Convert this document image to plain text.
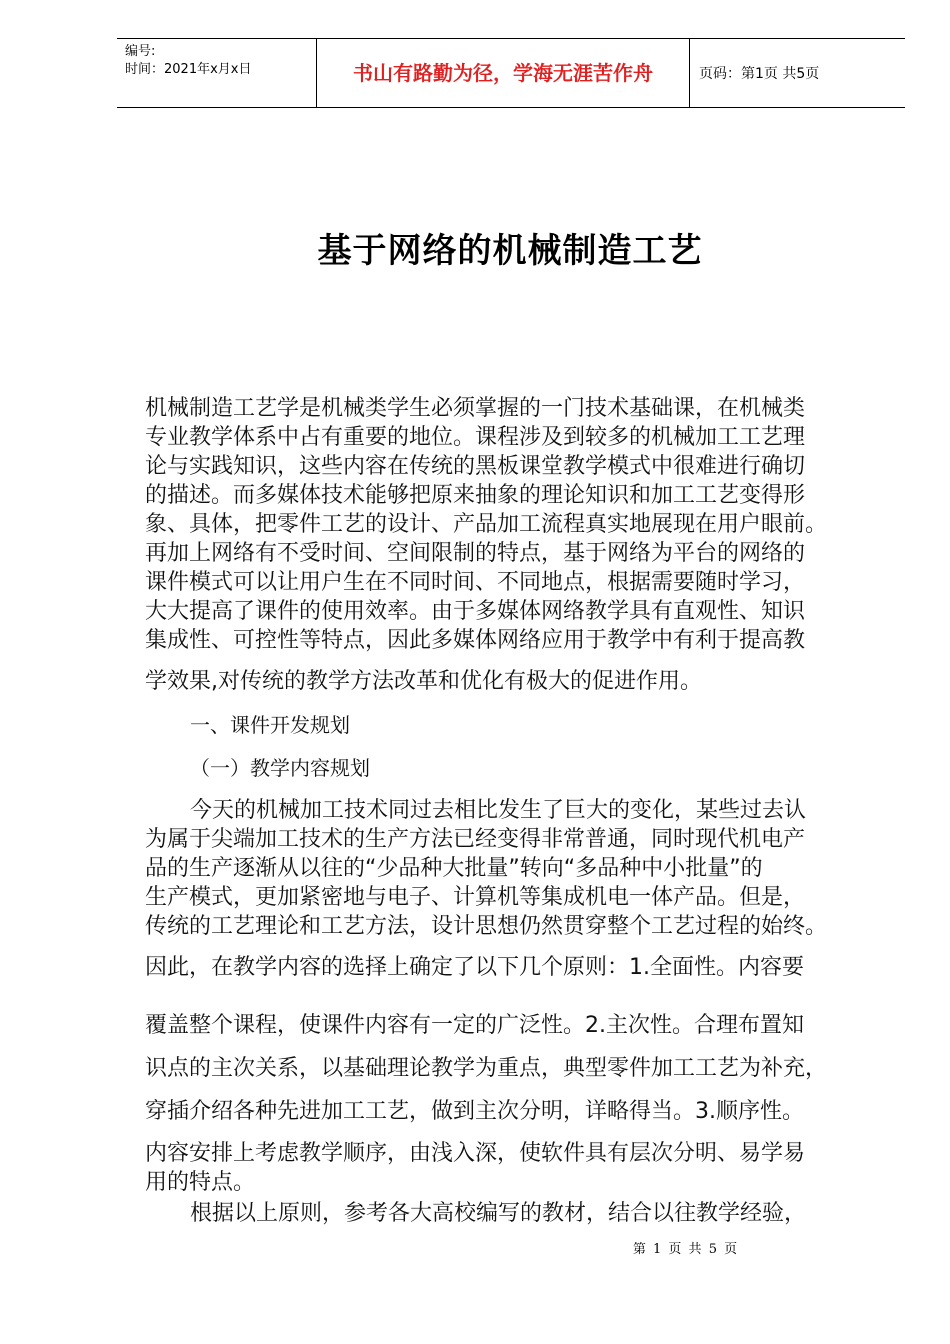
编号:
时间：2021年x月x日	书山有路勤为径，学海无涯苦作舟	页码：第1页 共5页
基于网络的机械制造工艺
机械制造工艺学是机械类学生必须掌握的一门技术基础课，在机械类
专业教学体系中占有重要的地位。课程涉及到较多的机械加工工艺理
论与实践知识，这些内容在传统的黑板课堂教学模式中很难进行确切
的描述。而多媒体技术能够把原来抽象的理论知识和加工工艺变得形
象、具体，把零件工艺的设计、产品加工流程真实地展现在用户眼前。
再加上网络有不受时间、空间限制的特点，基于网络为平台的网络的
课件模式可以让用户生在不同时间、不同地点，根据需要随时学习，
大大提高了课件的使用效率。由于多媒体网络教学具有直观性、知识
集成性、可控性等特点，因此多媒体网络应用于教学中有利于提高教
学效果,对传统的教学方法改革和优化有极大的促进作用。
一、课件开发规划
（一）教学内容规划
今天的机械加工技术同过去相比发生了巨大的变化，某些过去认
为属于尖端加工技术的生产方法已经变得非常普通，同时现代机电产
品的生产逐渐从以往的“少品种大批量”转向“多品种中小批量”的
生产模式，更加紧密地与电子、计算机等集成机电一体产品。但是，
传统的工艺理论和工艺方法，设计思想仍然贯穿整个工艺过程的始终。
因此，在教学内容的选择上确定了以下几个原则：1.全面性。内容要
覆盖整个课程，使课件内容有一定的广泛性。2.主次性。合理布置知
识点的主次关系，以基础理论教学为重点，典型零件加工工艺为补充，
穿插介绍各种先进加工工艺，做到主次分明，详略得当。3.顺序性。
内容安排上考虑教学顺序，由浅入深，使软件具有层次分明、易学易
用的特点。
根据以上原则，参考各大高校编写的教材，结合以往教学经验，
第 1 页 共 5 页
